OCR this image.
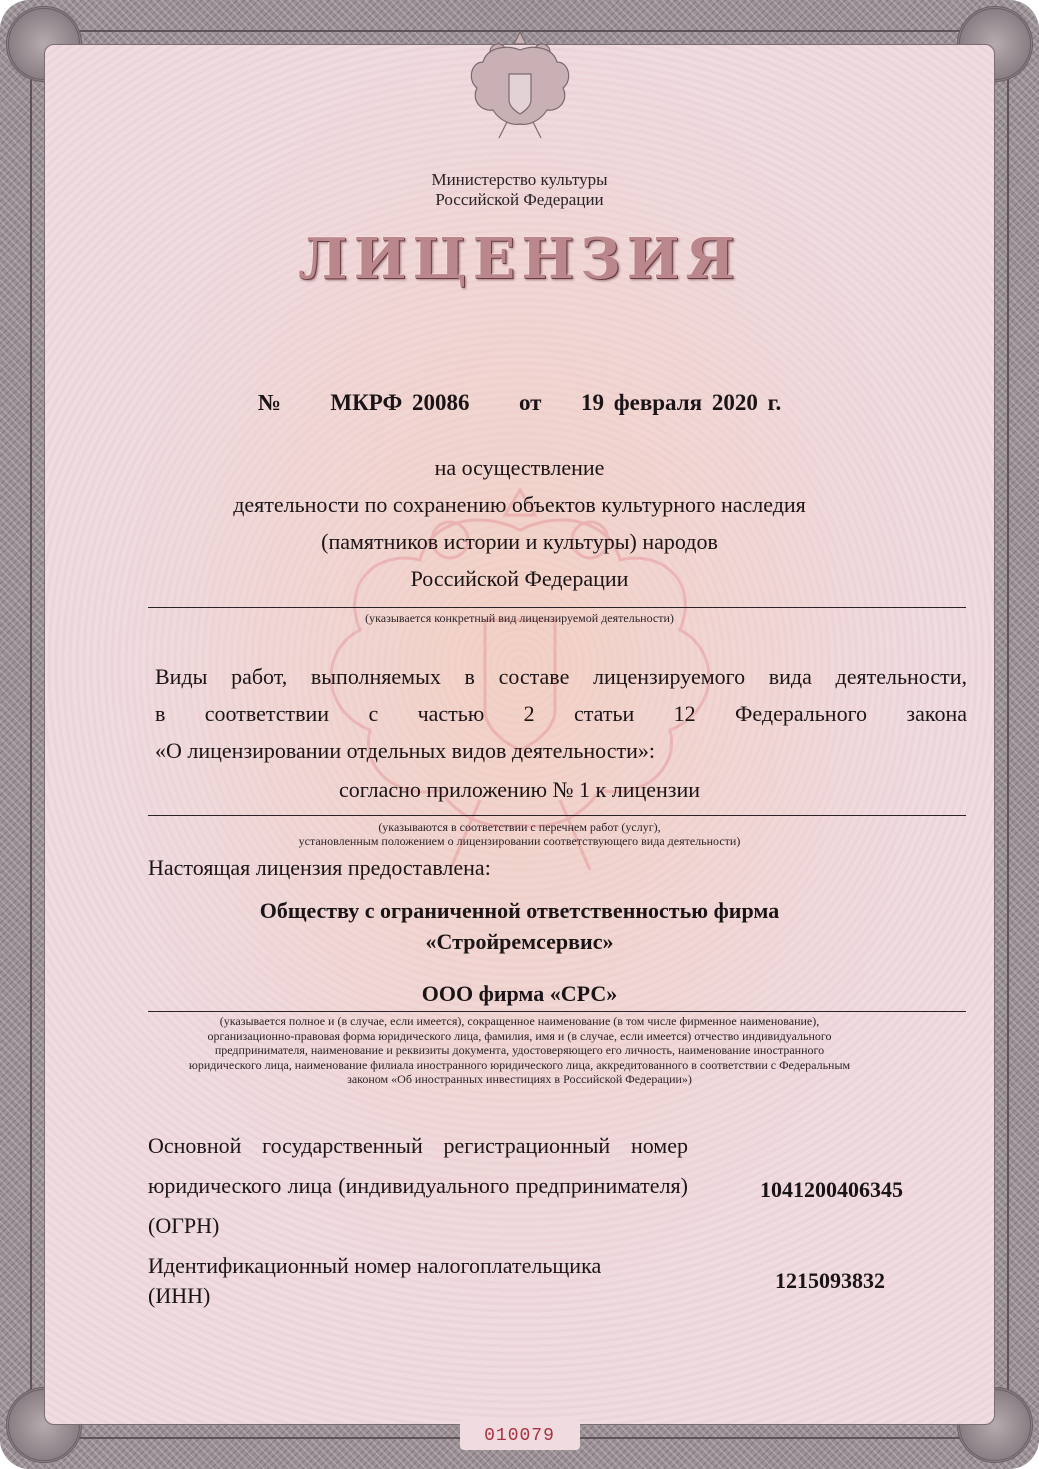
Министерство культуры
Российской Федерации
ЛИЦЕНЗИЯ
№ МКРФ 20086 от 19 февраля 2020 г.
на осуществление
деятельности по сохранению объектов культурного наследия
(памятников истории и культуры) народов
Российской Федерации
(указывается конкретный вид лицензируемой деятельности)
Виды работ, выполняемых в составе лицензируемого вида деятельности,
в соответствии с частью 2 статьи 12 Федерального закона
«О лицензировании отдельных видов деятельности»:
согласно приложению № 1 к лицензии
(указываются в соответствии с перечнем работ (услуг),
установленным положением о лицензировании соответствующего вида деятельности)
Настоящая лицензия предоставлена:
Обществу с ограниченной ответственностью фирма
«Стройремсервис»
ООО фирма «СРС»
(указывается полное и (в случае, если имеется), сокращенное наименование (в том числе фирменное наименование),
организационно-правовая форма юридического лица, фамилия, имя и (в случае, если имеется) отчество индивидуального
предпринимателя, наименование и реквизиты документа, удостоверяющего его личность, наименование иностранного
юридического лица, наименование филиала иностранного юридического лица, аккредитованного в соответствии с Федеральным
законом «Об иностранных инвестициях в Российской Федерации»)
Основной государственный регистрационный номер юридического лица (индивидуального предпринимателя) (ОГРН)
1041200406345
Идентификационный номер налогоплательщика
(ИНН)
1215093832
010079
